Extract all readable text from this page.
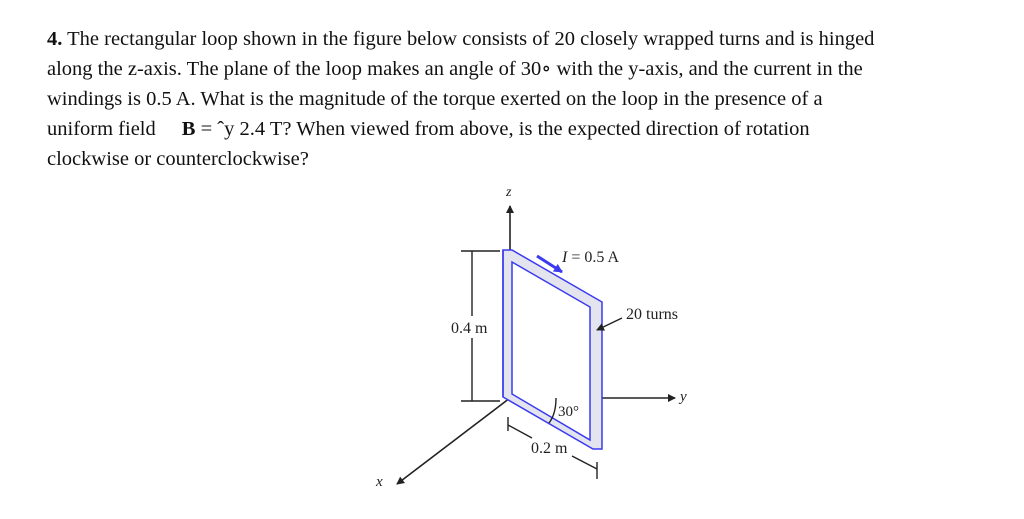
4. The rectangular loop shown in the figure below consists of 20 closely wrapped turns and is hinged
along the z-axis. The plane of the loop makes an angle of 30∘ with the y-axis, and the current in the
windings is 0.5 A. What is the magnitude of the torque exerted on the loop in the presence of a
uniform field B = ˆy 2.4 T? When viewed from above, is the expected direction of rotation
clockwise or counterclockwise?
z
y
x
I = 0.5 A
20 turns
0.4 m
30°
0.2 m
